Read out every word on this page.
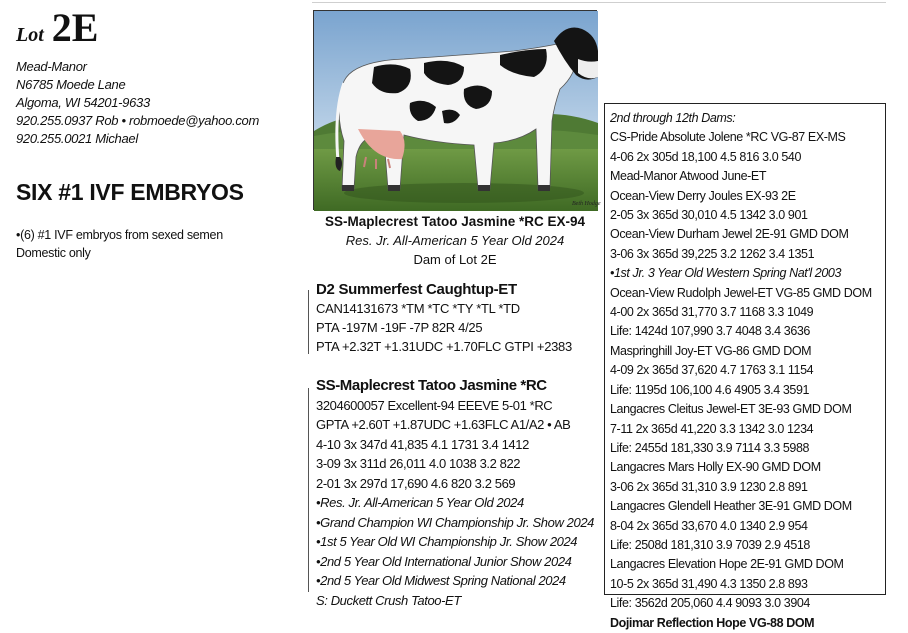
Lot 2E
Mead-Manor
N6785 Moede Lane
Algoma, WI 54201-9633
920.255.0937 Rob • robmoede@yahoo.com
920.255.0021 Michael
SIX #1 IVF EMBRYOS
•(6) #1 IVF embryos from sexed semen
Domestic only
Beth Hodge
SS-Maplecrest Tatoo Jasmine *RC EX-94
Res. Jr. All-American 5 Year Old 2024
Dam of Lot 2E
D2 Summerfest Caughtup-ET
CAN14131673 *TM *TC *TY *TL *TD
PTA -197M -19F -7P 82R 4/25
PTA +2.32T +1.31UDC +1.70FLC GTPI +2383
SS-Maplecrest Tatoo Jasmine *RC
3204600057 Excellent-94 EEEVE 5-01 *RC
GPTA +2.60T +1.87UDC +1.63FLC A1/A2 • AB
4-10 3x 347d 41,835 4.1 1731 3.4 1412
3-09 3x 311d 26,011 4.0 1038 3.2 822
2-01 3x 297d 17,690 4.6 820 3.2 569
•Res. Jr. All-American 5 Year Old 2024
•Grand Champion WI Championship Jr. Show 2024
•1st 5 Year Old WI Championship Jr. Show 2024
•2nd 5 Year Old International Junior Show 2024
•2nd 5 Year Old Midwest Spring National 2024
S: Duckett Crush Tatoo-ET
2nd through 12th Dams:
CS-Pride Absolute Jolene *RC VG-87 EX-MS
4-06 2x 305d 18,100 4.5 816 3.0 540
Mead-Manor Atwood June-ET
Ocean-View Derry Joules EX-93 2E
2-05 3x 365d 30,010 4.5 1342 3.0 901
Ocean-View Durham Jewel 2E-91 GMD DOM
3-06 3x 365d 39,225 3.2 1262 3.4 1351
•1st Jr. 3 Year Old Western Spring Nat'l 2003
Ocean-View Rudolph Jewel-ET VG-85 GMD DOM
4-00 2x 365d 31,770 3.7 1168 3.3 1049
Life: 1424d 107,990 3.7 4048 3.4 3636
Maspringhill Joy-ET VG-86 GMD DOM
4-09 2x 365d 37,620 4.7 1763 3.1 1154
Life: 1195d 106,100 4.6 4905 3.4 3591
Langacres Cleitus Jewel-ET 3E-93 GMD DOM
7-11 2x 365d 41,220 3.3 1342 3.0 1234
Life: 2455d 181,330 3.9 7114 3.3 5988
Langacres Mars Holly EX-90 GMD DOM
3-06 2x 365d 31,310 3.9 1230 2.8 891
Langacres Glendell Heather 3E-91 GMD DOM
8-04 2x 365d 33,670 4.0 1340 2.9 954
Life: 2508d 181,310 3.9 7039 2.9 4518
Langacres Elevation Hope 2E-91 GMD DOM
10-5 2x 365d 31,490 4.3 1350 2.8 893
Life: 3562d 205,060 4.4 9093 3.0 3904
Dojimar Reflection Hope VG-88 DOM
